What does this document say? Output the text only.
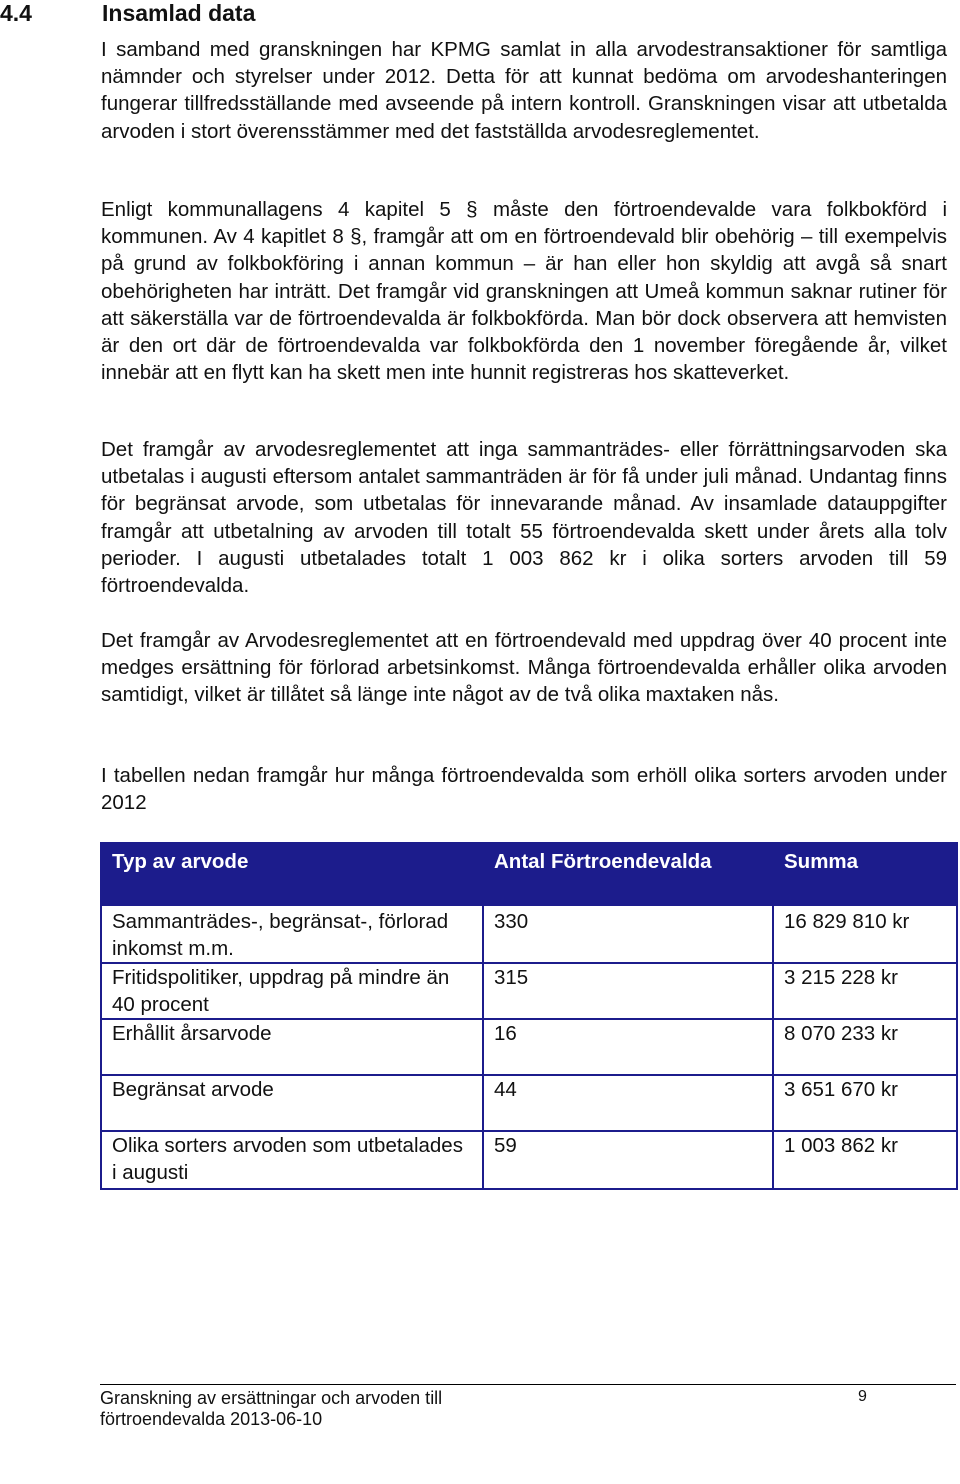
4.4	Insamlad data

I samband med granskningen har KPMG samlat in alla arvodestransaktioner för samtliga nämnder och styrelser under 2012. Detta för att kunnat bedöma om arvodeshanteringen fungerar tillfredsställande med avseende på intern kontroll. Granskningen visar att utbetalda arvoden i stort överensstämmer med det fastställda arvodesreglementet.

Enligt kommunallagens 4 kapitel 5 § måste den förtroendevalde vara folkbokförd i kommunen. Av 4 kapitlet 8 §, framgår att om en förtroendevald blir obehörig – till exempelvis på grund av folkbokföring i annan kommun – är han eller hon skyldig att avgå så snart obehörigheten har inträtt. Det framgår vid granskningen att Umeå kommun saknar rutiner för att säkerställa var de förtroendevalda är folkbokförda. Man bör dock observera att hemvisten är den ort där de förtroendevalda var folkbokförda den 1 november föregående år, vilket innebär att en flytt kan ha skett men inte hunnit registreras hos skatteverket.

Det framgår av arvodesreglementet att inga sammanträdes- eller förrättningsarvoden ska utbetalas i augusti eftersom antalet sammanträden är för få under juli månad. Undantag finns för begränsat arvode, som utbetalas för innevarande månad. Av insamlade datauppgifter framgår att utbetalning av arvoden till totalt 55 förtroendevalda skett under årets alla tolv perioder. I augusti utbetalades totalt 1 003 862 kr i olika sorters arvoden till 59 förtroendevalda.

Det framgår av Arvodesreglementet att en förtroendevald med uppdrag över 40 procent inte medges ersättning för förlorad arbetsinkomst. Många förtroendevalda erhåller olika arvoden samtidigt, vilket är tillåtet så länge inte något av de två olika maxtaken nås.

I tabellen nedan framgår hur många förtroendevalda som erhöll olika sorters arvoden under 2012

Typ av arvode	Antal Förtroendevalda	Summa
Sammanträdes-, begränsat-, förlorad inkomst m.m.	330	16 829 810 kr
Fritidspolitiker, uppdrag på mindre än 40 procent	315	3 215 228 kr
Erhållit årsarvode	16	8 070 233 kr
Begränsat arvode	44	3 651 670 kr
Olika sorters arvoden som utbetalades i augusti	59	1 003 862 kr
Granskning av ersättningar och arvoden till
förtroendevalda 2013-06-10
9
